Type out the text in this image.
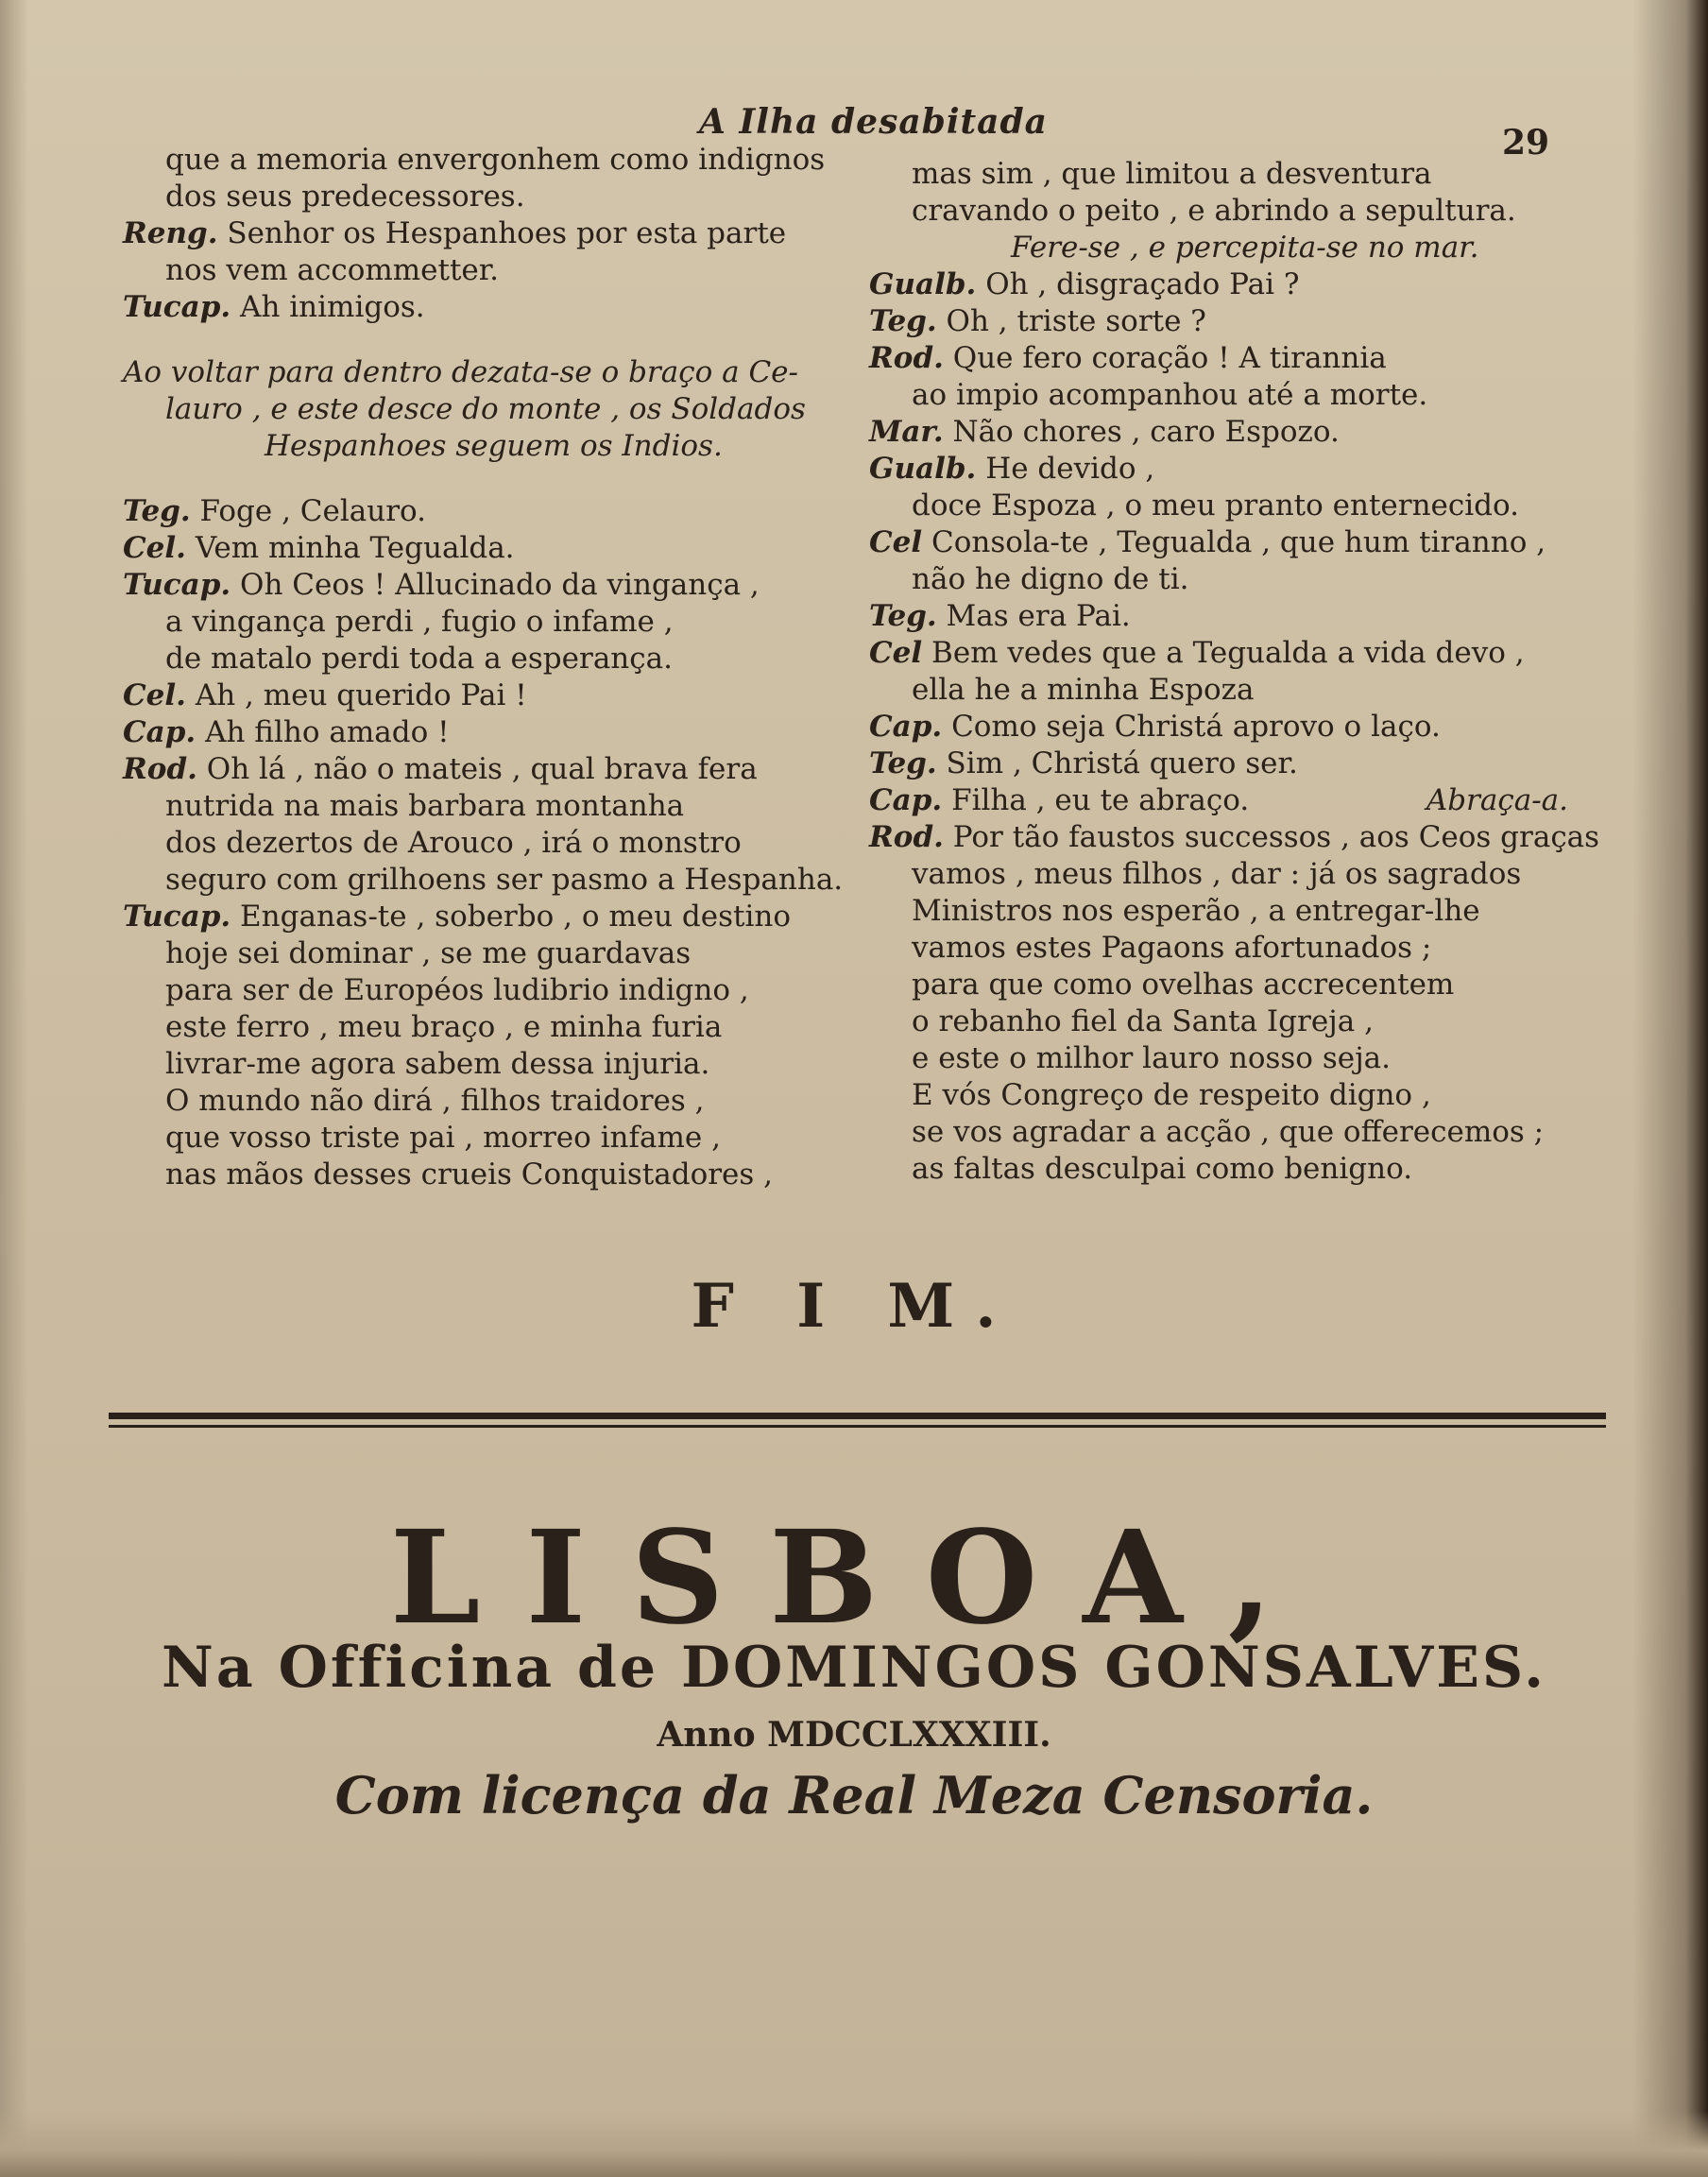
A Ilha desabitada
29
que a memoria envergonhem como indignos
dos seus predecessores.
Reng. Senhor os Hespanhoes por esta parte
nos vem accommetter.
Tucap. Ah inimigos.
Ao voltar para dentro dezata-se o braço a Ce-
lauro , e este desce do monte , os Soldados
Hespanhoes seguem os Indios.
Teg. Foge , Celauro.
Cel. Vem minha Tegualda.
Tucap. Oh Ceos ! Allucinado da vingança ,
a vingança perdi , fugio o infame ,
de matalo perdi toda a esperança.
Cel. Ah , meu querido Pai !
Cap. Ah filho amado !
Rod. Oh lá , não o mateis , qual brava fera
nutrida na mais barbara montanha
dos dezertos de Arouco , irá o monstro
seguro com grilhoens ser pasmo a Hespanha.
Tucap. Enganas-te , soberbo , o meu destino
hoje sei dominar , se me guardavas
para ser de Européos ludibrio indigno ,
este ferro , meu braço , e minha furia
livrar-me agora sabem dessa injuria.
O mundo não dirá , filhos traidores ,
que vosso triste pai , morreo infame ,
nas mãos desses crueis Conquistadores ,
mas sim , que limitou a desventura
cravando o peito , e abrindo a sepultura.
Fere-se , e percepita-se no mar.
Gualb. Oh , disgraçado Pai ?
Teg. Oh , triste sorte ?
Rod. Que fero coração ! A tirannia
ao impio acompanhou até a morte.
Mar. Não chores , caro Espozo.
Gualb. He devido ,
doce Espoza , o meu pranto enternecido.
Cel Consola-te , Tegualda , que hum tiranno ,
não he digno de ti.
Teg. Mas era Pai.
Cel Bem vedes que a Tegualda a vida devo ,
ella he a minha Espoza
Cap. Como seja Christá aprovo o laço.
Teg. Sim , Christá quero ser.
Cap. Filha , eu te abraço.	Abraça-a.
Rod. Por tão faustos successos , aos Ceos graças
vamos , meus filhos , dar : já os sagrados
Ministros nos esperão , a entregar-lhe
vamos estes Pagaons afortunados ;
para que como ovelhas accrecentem
o rebanho fiel da Santa Igreja ,
e este o milhor lauro nosso seja.
E vós Congreço de respeito digno ,
se vos agradar a acção , que offerecemos ;
as faltas desculpai como benigno.
F I M.
LISBOA,
Na Officina de DOMINGOS GONSALVES.
Anno MDCCLXXXIII.
Com licença da Real Meza Censoria.
